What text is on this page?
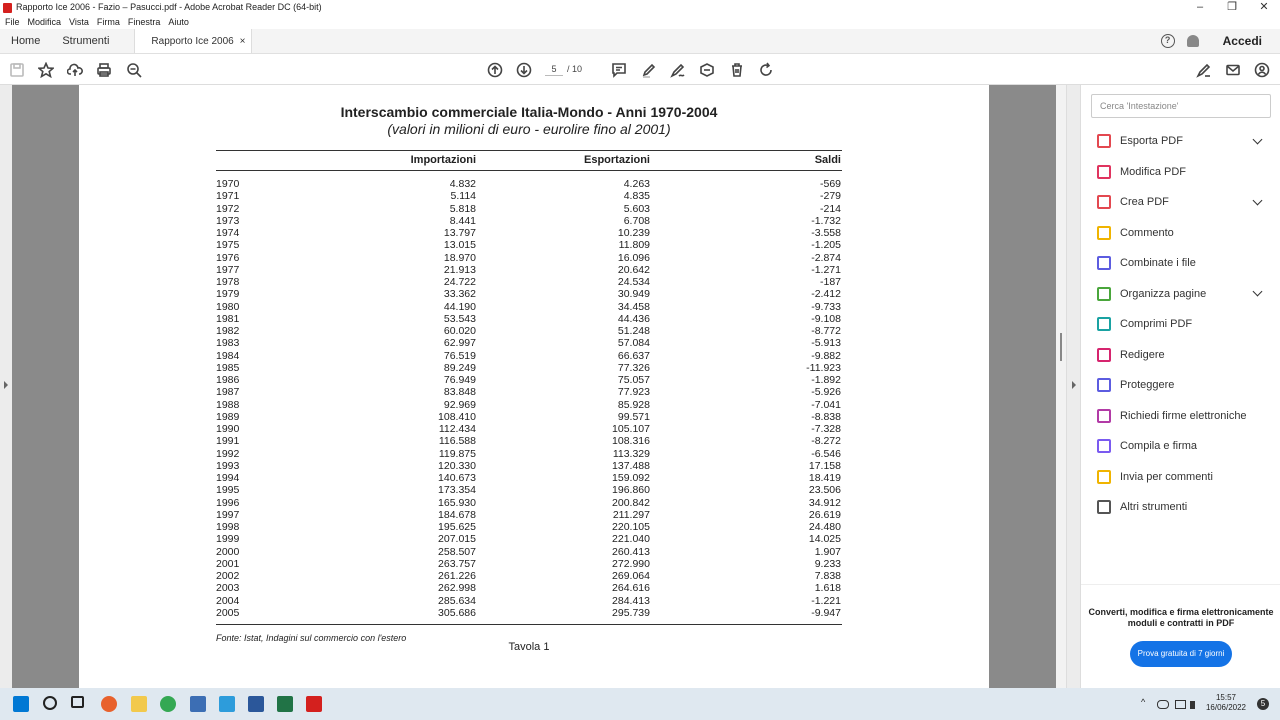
Rapporto Ice 2006 - Fazio – Pasucci.pdf - Adobe Acrobat Reader DC (64-bit)	–	❐	✕
File Modifica Vista Firma Finestra Aiuto
Home	Strumenti	Rapporto Ice 2006 ×	?	Accedi
5	/ 10
Interscambio commerciale Italia-Mondo - Anni 1970-2004
(valori in milioni di euro - eurolire fino al 2001)
Importazioni	Esportazioni	Saldi
1970	4.832	4.263	-569
1971	5.114	4.835	-279
1972	5.818	5.603	-214
1973	8.441	6.708	-1.732
1974	13.797	10.239	-3.558
1975	13.015	11.809	-1.205
1976	18.970	16.096	-2.874
1977	21.913	20.642	-1.271
1978	24.722	24.534	-187
1979	33.362	30.949	-2.412
1980	44.190	34.458	-9.733
1981	53.543	44.436	-9.108
1982	60.020	51.248	-8.772
1983	62.997	57.084	-5.913
1984	76.519	66.637	-9.882
1985	89.249	77.326	-11.923
1986	76.949	75.057	-1.892
1987	83.848	77.923	-5.926
1988	92.969	85.928	-7.041
1989	108.410	99.571	-8.838
1990	112.434	105.107	-7.328
1991	116.588	108.316	-8.272
1992	119.875	113.329	-6.546
1993	120.330	137.488	17.158
1994	140.673	159.092	18.419
1995	173.354	196.860	23.506
1996	165.930	200.842	34.912
1997	184.678	211.297	26.619
1998	195.625	220.105	24.480
1999	207.015	221.040	14.025
2000	258.507	260.413	1.907
2001	263.757	272.990	9.233
2002	261.226	269.064	7.838
2003	262.998	264.616	1.618
2004	285.634	284.413	-1.221
2005	305.686	295.739	-9.947
Fonte: Istat, Indagini sul commercio con l'estero
Tavola 1
Cerca 'Intestazione'
Esporta PDF
Modifica PDF
Crea PDF
Commento
Combinate i file
Organizza pagine
Comprimi PDF
Redigere
Proteggere
Richiedi firme elettroniche
Compila e firma
Invia per commenti
Altri strumenti
Converti, modifica e firma elettronicamente moduli e contratti in PDF
Prova gratuita di 7 giorni
^	15:57
16/06/2022	5
